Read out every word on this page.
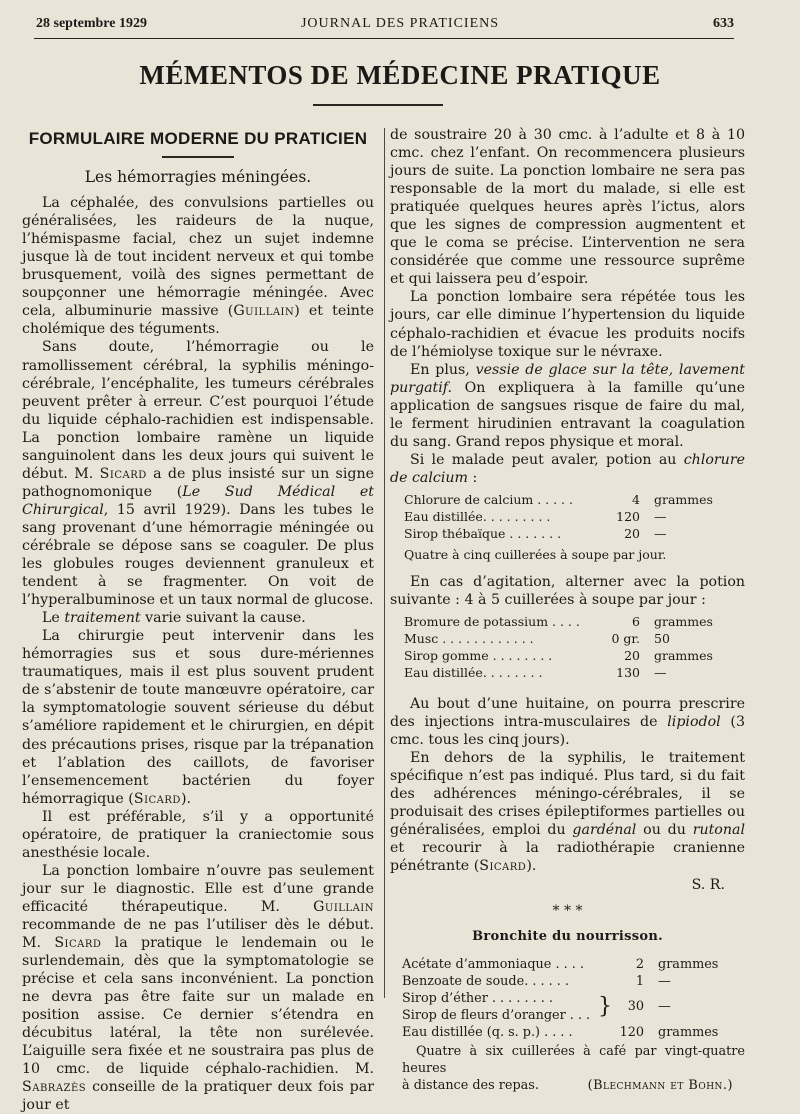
28 septembre 1929	JOURNAL DES PRATICIENS	633
MÉMENTOS DE MÉDECINE PRATIQUE
FORMULAIRE MODERNE DU PRATICIEN
Les hémorragies méningées.

La céphalée, des convulsions partielles ou généralisées, les raideurs de la nuque, l’hémispasme facial, chez un sujet indemne jusque là de tout incident nerveux et qui tombe brusquement, voilà des signes permettant de soupçonner une hémorragie méningée. Avec cela, albuminurie massive (Guillain) et teinte cholémique des téguments.

Sans doute, l’hémorragie ou le ramollissement cérébral, la syphilis méningo-cérébrale, l’encéphalite, les tumeurs cérébrales peuvent prêter à erreur. C’est pourquoi l’étude du liquide céphalo-rachidien est indispensable. La ponction lombaire ramène un liquide sanguinolent dans les deux jours qui suivent le début. M. Sicard a de plus insisté sur un signe pathognomonique (Le Sud Médical et Chirurgical, 15 avril 1929). Dans les tubes le sang provenant d’une hémorragie méningée ou cérébrale se dépose sans se coaguler. De plus les globules rouges deviennent granuleux et tendent à se fragmenter. On voit de l’hyperalbuminose et un taux normal de glucose.

Le traitement varie suivant la cause.

La chirurgie peut intervenir dans les hémorragies sus et sous dure-mériennes traumatiques, mais il est plus souvent prudent de s’abstenir de toute manœuvre opératoire, car la symptomatologie souvent sérieuse du début s’améliore rapidement et le chirurgien, en dépit des précautions prises, risque par la trépanation et l’ablation des caillots, de favoriser l’ensemencement bactérien du foyer hémorragique (Sicard).

Il est préférable, s’il y a opportunité opératoire, de pratiquer la craniectomie sous anesthésie locale.

La ponction lombaire n’ouvre pas seulement jour sur le diagnostic. Elle est d’une grande efficacité thérapeutique. M. Guillain recommande de ne pas l’utiliser dès le début. M. Sicard la pratique le lendemain ou le surlendemain, dès que la symptomatologie se précise et cela sans inconvénient. La ponction ne devra pas être faite sur un malade en position assise. Ce dernier s’étendra en décubitus latéral, la tête non surélevée. L’aiguille sera fixée et ne soustraira pas plus de 10 cmc. de liquide céphalo-rachidien. M. Sabrazès conseille de la pratiquer deux fois par jour et

de soustraire 20 à 30 cmc. à l’adulte et 8 à 10 cmc. chez l’enfant. On recommencera plusieurs jours de suite. La ponction lombaire ne sera pas responsable de la mort du malade, si elle est pratiquée quelques heures après l’ictus, alors que les signes de compression augmentent et que le coma se précise. L’intervention ne sera considérée que comme une ressource suprême et qui laissera peu d’espoir.

La ponction lombaire sera répétée tous les jours, car elle diminue l’hypertension du liquide céphalo-rachidien et évacue les produits nocifs de l’hémiolyse toxique sur le névraxe.

En plus, vessie de glace sur la tête, lavement purgatif. On expliquera à la famille qu’une application de sangsues risque de faire du mal, le ferment hirudinien entravant la coagulation du sang. Grand repos physique et moral.

Si le malade peut avaler, potion au chlorure de calcium :

Chlorure de calcium . . . . .	4	grammes
Eau distillée. . . . . . . . .	120	—
Sirop thébaïque . . . . . . .	20	—
Quatre à cinq cuillerées à soupe par jour.

En cas d’agitation, alterner avec la potion suivante : 4 à 5 cuillerées à soupe par jour :

Bromure de potassium . . . .	6	grammes
Musc . . . . . . . . . . . .	0 gr.	50
Sirop gomme . . . . . . . .	20	grammes
Eau distillée. . . . . . . .	130	—

Au bout d’une huitaine, on pourra prescrire des injections intra-musculaires de lipiodol (3 cmc. tous les cinq jours).

En dehors de la syphilis, le traitement spécifique n’est pas indiqué. Plus tard, si du fait des adhérences méningo-cérébrales, il se produisait des crises épileptiformes partielles ou généralisées, emploi du gardénal ou du rutonal et recourir à la radiothérapie cranienne pénétrante (Sicard).

S. R.
* * *
Bronchite du nourrisson.
Acétate d’ammoniaque . . . .		2	grammes
Benzoate de soude. . . . . .		1	—
Sirop d’éther . . . . . . . .	}	30	—
Sirop de fleurs d’oranger . . .			
Eau distillée (q. s. p.) . . . .		120	grammes
Quatre à six cuillerées à café par vingt-quatre heures
à distance des repas.	(Blechmann et Bohn.)
